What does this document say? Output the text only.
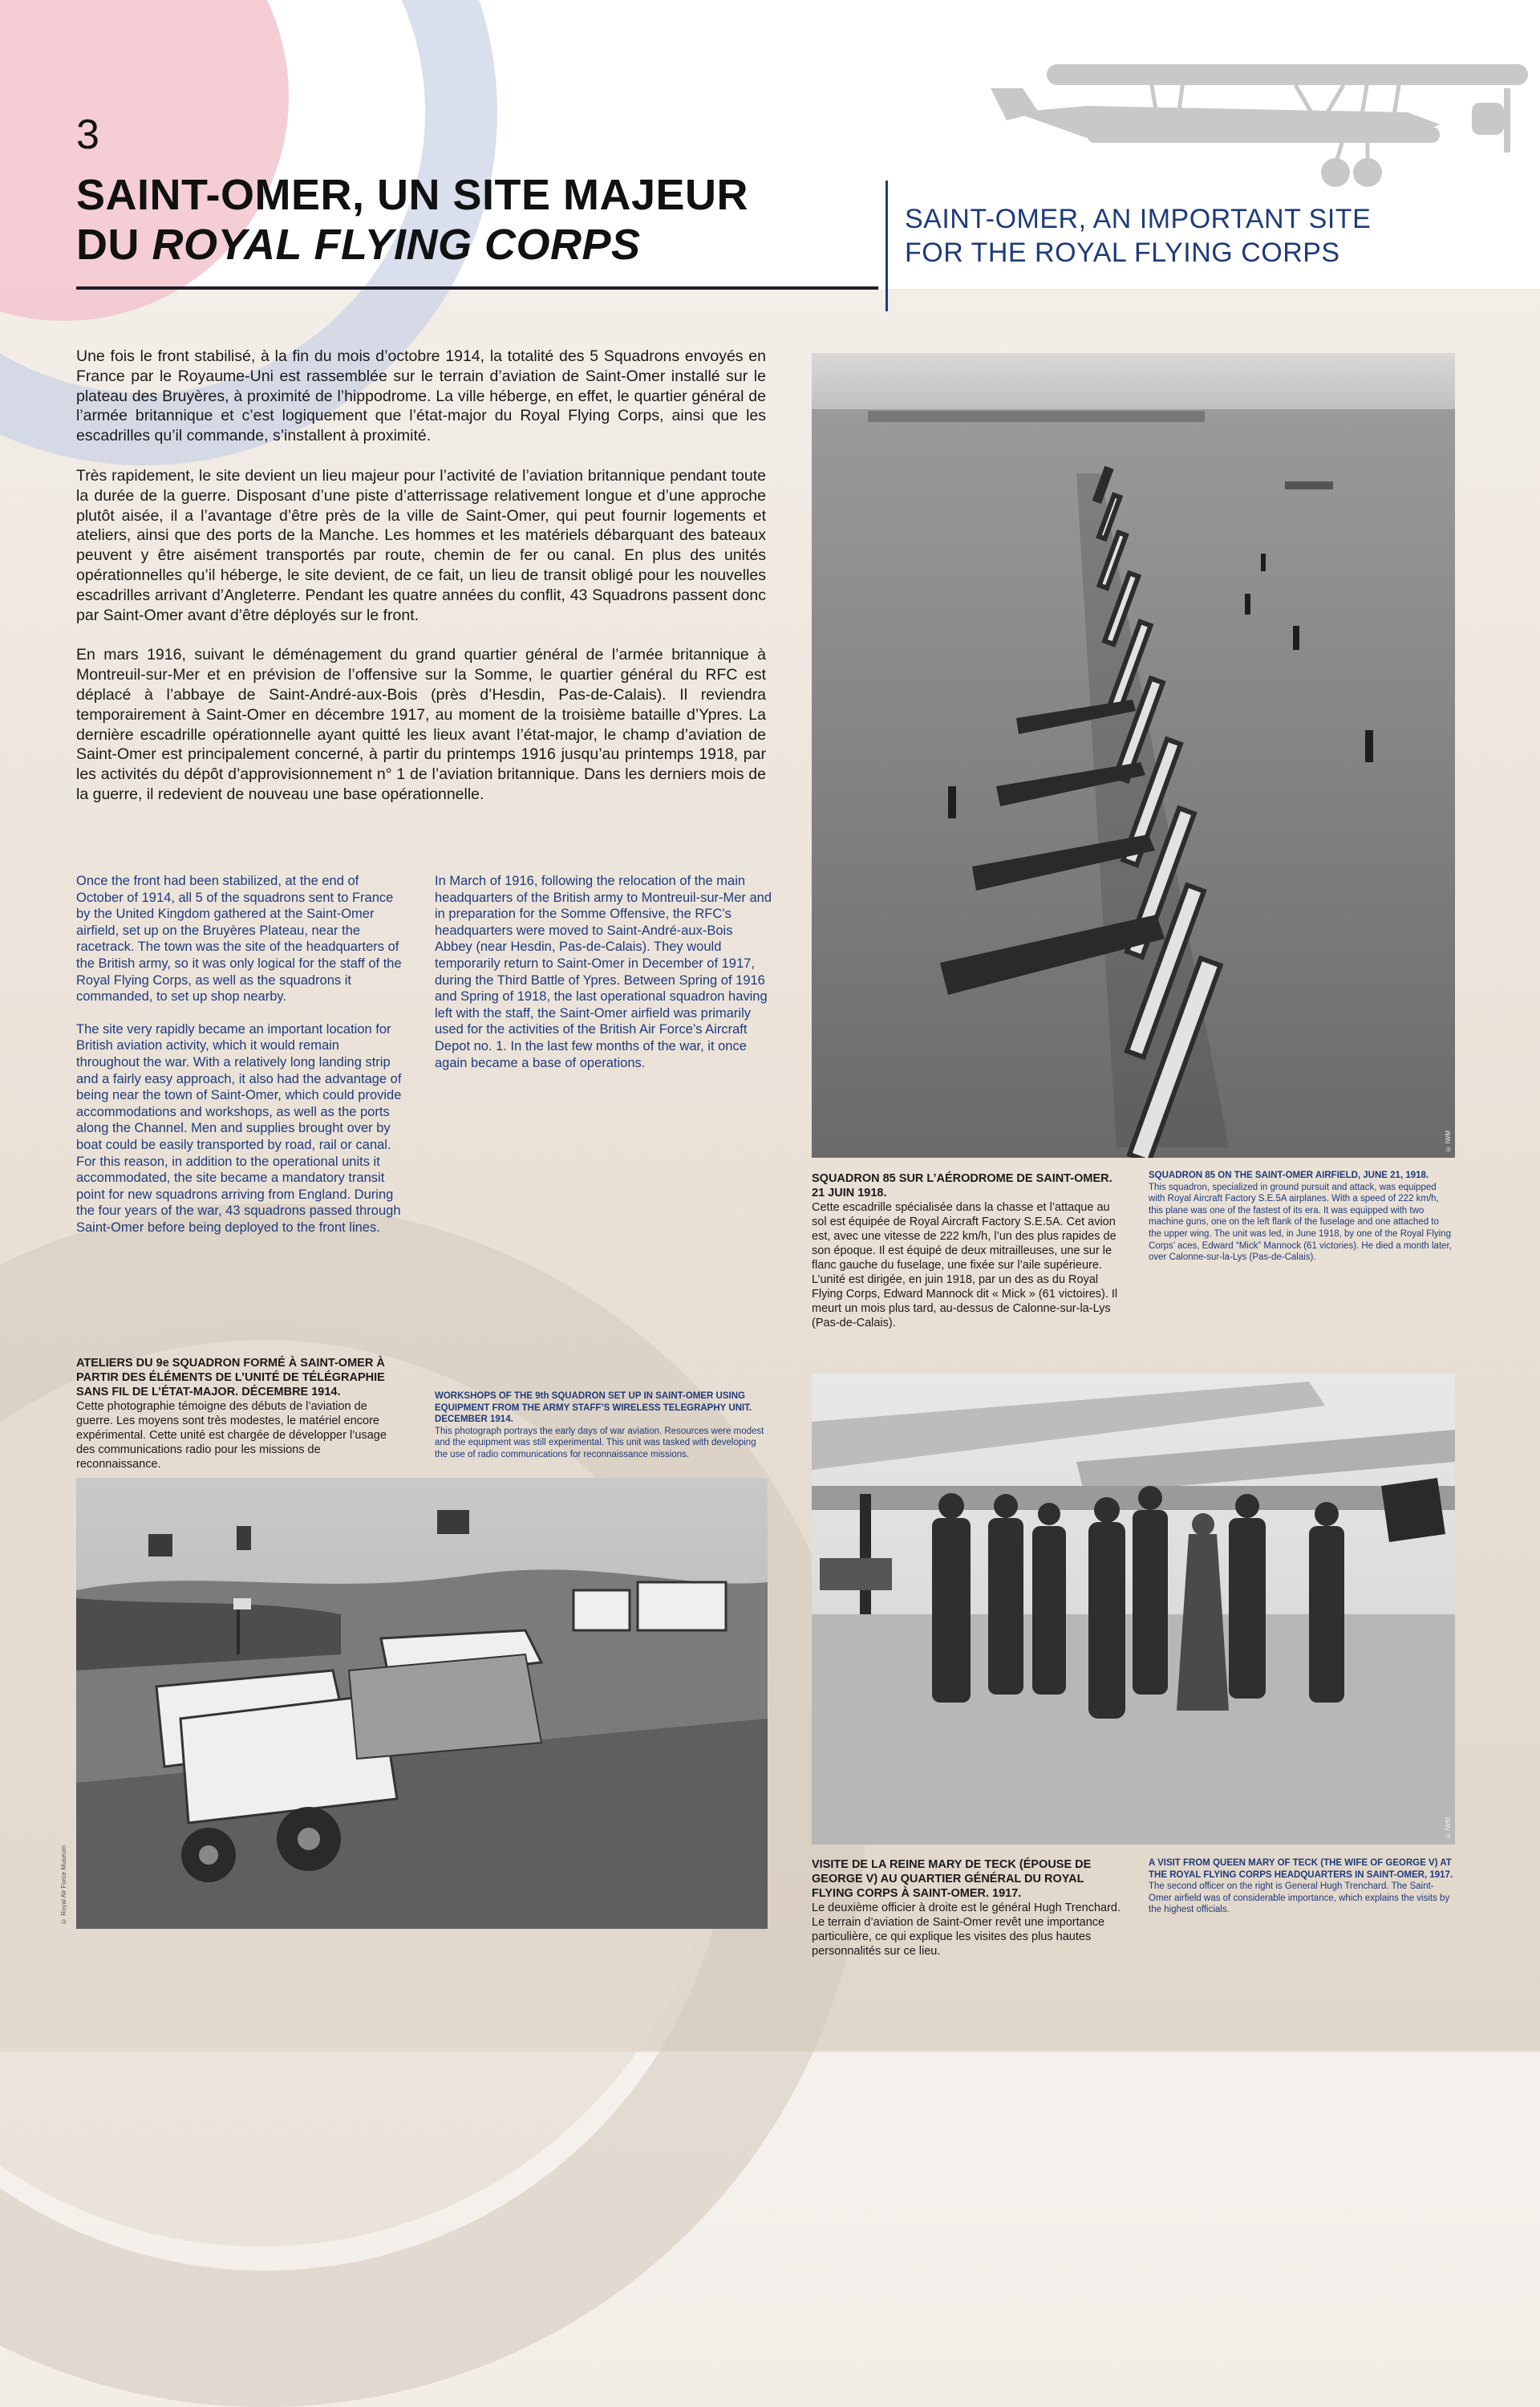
3
SAINT-OMER, UN SITE MAJEUR
DU ROYAL FLYING CORPS
SAINT-OMER, AN IMPORTANT SITE
FOR THE ROYAL FLYING CORPS

Une fois le front stabilisé, à la fin du mois d’octobre 1914, la totalité des 5 Squadrons envoyés en France par le Royaume-Uni est rassemblée sur le terrain d’aviation de Saint-Omer installé sur le plateau des Bruyères, à proximité de l’hippodrome. La ville héberge, en effet, le quartier général de l’armée britannique et c’est logiquement que l’état-major du Royal Flying Corps, ainsi que les escadrilles qu’il commande, s’installent à proximité.

Très rapidement, le site devient un lieu majeur pour l’activité de l’aviation britannique pendant toute la durée de la guerre. Disposant d’une piste d’atterrissage relativement longue et d’une approche plutôt aisée, il a l’avantage d’être près de la ville de Saint-Omer, qui peut fournir logements et ateliers, ainsi que des ports de la Manche. Les hommes et les matériels débarquant des bateaux peuvent y être aisément transportés par route, chemin de fer ou canal. En plus des unités opérationnelles qu’il héberge, le site devient, de ce fait, un lieu de transit obligé pour les nouvelles escadrilles arrivant d’Angleterre. Pendant les quatre années du conflit, 43 Squadrons passent donc par Saint-Omer avant d’être déployés sur le front.

En mars 1916, suivant le déménagement du grand quartier général de l’armée britannique à Montreuil-sur-Mer et en prévision de l’offensive sur la Somme, le quartier général du RFC est déplacé à l’abbaye de Saint-André-aux-Bois (près d’Hesdin, Pas-de-Calais). Il reviendra temporairement à Saint-Omer en décembre 1917, au moment de la troisième bataille d’Ypres. La dernière escadrille opérationnelle ayant quitté les lieux avant l’état-major, le champ d’aviation de Saint-Omer est principalement concerné, à partir du printemps 1916 jusqu’au printemps 1918, par les activités du dépôt d’approvisionnement n° 1 de l’aviation britannique. Dans les derniers mois de la guerre, il redevient de nouveau une base opérationnelle.

Once the front had been stabilized, at the end of October of 1914, all 5 of the squadrons sent to France by the United Kingdom gathered at the Saint-Omer airfield, set up on the Bruyères Plateau, near the racetrack. The town was the site of the headquarters of the British army, so it was only logical for the staff of the Royal Flying Corps, as well as the squadrons it commanded, to set up shop nearby.

The site very rapidly became an important location for British aviation activity, which it would remain throughout the war. With a relatively long landing strip and a fairly easy approach, it also had the advantage of being near the town of Saint-Omer, which could provide accommodations and workshops, as well as the ports along the Channel. Men and supplies brought over by boat could be easily transported by road, rail or canal. For this reason, in addition to the operational units it accommodated, the site became a mandatory transit point for new squadrons arriving from England. During the four years of the war, 43 squadrons passed through Saint-Omer before being deployed to the front lines.

In March of 1916, following the relocation of the main headquarters of the British army to Montreuil-sur-Mer and in preparation for the Somme Offensive, the RFC’s headquarters were moved to Saint-André-aux-Bois Abbey (near Hesdin, Pas-de-Calais). They would temporarily return to Saint-Omer in December of 1917, during the Third Battle of Ypres. Between Spring of 1916 and Spring of 1918, the last operational squadron having left with the staff, the Saint-Omer airfield was primarily used for the activities of the British Air Force’s Aircraft Depot no. 1. In the last few months of the war, it once again became a base of operations.

© IWM
SQUADRON 85 SUR L’AÉRODROME DE SAINT-OMER. 21 JUIN 1918.
Cette escadrille spécialisée dans la chasse et l’attaque au sol est équipée de Royal Aircraft Factory S.E.5A. Cet avion est, avec une vitesse de 222 km/h, l’un des plus rapides de son époque. Il est équipé de deux mitrailleuses, une sur le flanc gauche du fuselage, une fixée sur l’aile supérieure. L’unité est dirigée, en juin 1918, par un des as du Royal Flying Corps, Edward Mannock dit « Mick » (61 victoires). Il meurt un mois plus tard, au-dessus de Calonne-sur-la-Lys (Pas-de-Calais).
SQUADRON 85 ON THE SAINT-OMER AIRFIELD, JUNE 21, 1918.
This squadron, specialized in ground pursuit and attack, was equipped with Royal Aircraft Factory S.E.5A airplanes. With a speed of 222 km/h, this plane was one of the fastest of its era. It was equipped with two machine guns, one on the left flank of the fuselage and one attached to the upper wing. The unit was led, in June 1918, by one of the Royal Flying Corps’ aces, Edward “Mick” Mannock (61 victories). He died a month later, over Calonne-sur-la-Lys (Pas-de-Calais).
ATELIERS DU 9e SQUADRON FORMÉ À SAINT-OMER À PARTIR DES ÉLÉMENTS DE L’UNITÉ DE TÉLÉGRAPHIE SANS FIL DE L’ÉTAT-MAJOR. DÉCEMBRE 1914.
Cette photographie témoigne des débuts de l’aviation de guerre. Les moyens sont très modestes, le matériel encore expérimental. Cette unité est chargée de développer l’usage des communications radio pour les missions de reconnaissance.
WORKSHOPS OF THE 9th SQUADRON SET UP IN SAINT-OMER USING EQUIPMENT FROM THE ARMY STAFF’S WIRELESS TELEGRAPHY UNIT. DECEMBER 1914.
This photograph portrays the early days of war aviation. Resources were modest and the equipment was still experimental. This unit was tasked with developing the use of radio communications for reconnaissance missions.
© Royal Air Force Museum
© IWM
VISITE DE LA REINE MARY DE TECK (ÉPOUSE DE GEORGE V) AU QUARTIER GÉNÉRAL DU ROYAL FLYING CORPS À SAINT-OMER. 1917.
Le deuxième officier à droite est le général Hugh Trenchard. Le terrain d’aviation de Saint-Omer revêt une importance particulière, ce qui explique les visites des plus hautes personnalités sur ce lieu.
A VISIT FROM QUEEN MARY OF TECK (THE WIFE OF GEORGE V) AT THE ROYAL FLYING CORPS HEADQUARTERS IN SAINT-OMER, 1917.
The second officer on the right is General Hugh Trenchard. The Saint-Omer airfield was of considerable importance, which explains the visits by the highest officials.
